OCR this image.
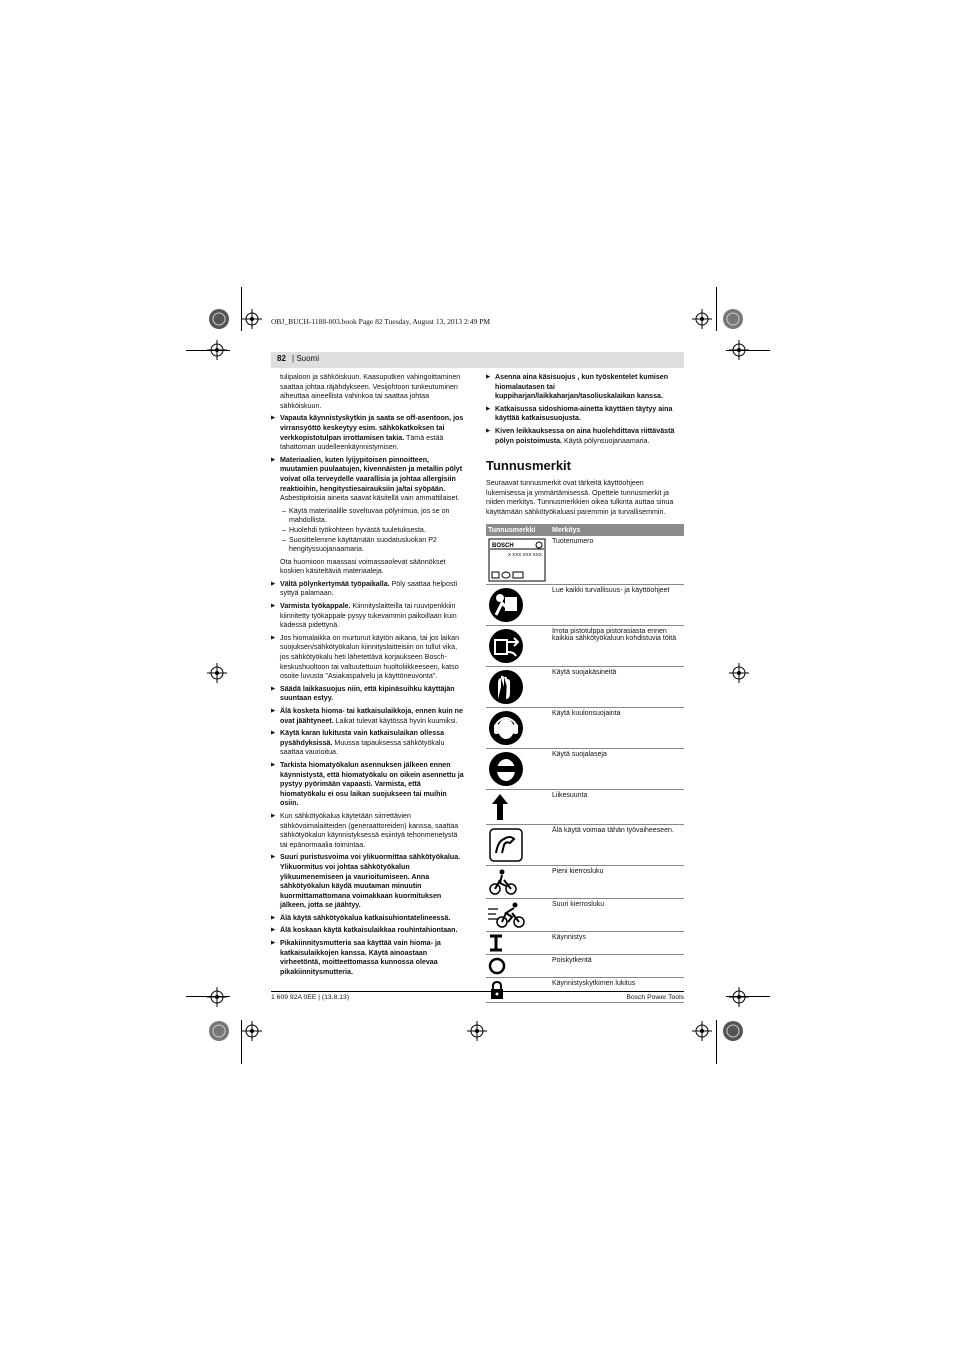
OBJ_BUCH-1188-003.book Page 82 Tuesday, August 13, 2013 2:49 PM
82 | Suomi

tulipaloon ja sähköiskuun. Kaasuputken vahingoittaminen saattaa johtaa räjähdykseen. Vesijohtoon tunkeutuminen aiheuttaa aineellista vahinkoa tai saattaa johtaa sähköiskuun.

▶ Vapauta käynnistyskytkin ja saata se off-asentoon, jos virransyöttö keskeytyy esim. sähkökatkoksen tai verkkopistotulpan irrottamisen takia. Tämä estää tahattoman uudelleenkäynnistymisen.

▶ Materiaalien, kuten lyijypitoisen pinnoitteen, muutamien puulaatujen, kivennäisten ja metallin pölyt voivat olla terveydelle vaarallisia ja johtaa allergisiin reaktioihin, hengitystiesairauksiin ja/tai syöpään. Asbestipitoisia aineita saavat käsitellä vain ammattilaiset.

– Käytä materiaalille soveltuvaa pölynimua, jos se on mahdollista.

– Huolehdi työkohteen hyvästä tuuletuksesta.

– Suosittelemme käyttämään suodatusluokan P2 hengityssuojanaamaria.

Ota huomioon maassasi voimassaolevat säännökset koskien käsiteltäviä materiaaleja.

▶ Vältä pölynkertymää työpaikalla. Pöly saattaa helposti syttyä palamaan.

▶ Varmista työkappale. Kiinnityslaitteilla tai ruuvipenkkiin kiinnitetty työkappale pysyy tukevammin paikoillaan kuin kädessä pidettynä.

▶ Jos hiomalaikka on murtunut käytön aikana, tai jos laikan suojuksen/sähkötyökalun kiinnityslaitteisiin on tullut vika, jos sähkötyökalu heti lähetettävä korjaukseen Bosch-keskushuoltoon tai valtuutettuun huoltoliikkeeseen, katso osoite luvusta "Asiakaspalvelu ja käyttöneuvonta".

▶ Säädä laikkasuojus niin, että kipinäsuihku käyttäjän suuntaan estyy.

▶ Älä kosketa hioma- tai katkaisulaikkoja, ennen kuin ne ovat jäähtyneet. Laikat tulevat käytössä hyvin kuumiksi.

▶ Käytä karan lukitusta vain katkaisulaikan ollessa pysähdyksissä. Muussa tapauksessa sähkötyökalu saattaa vaurioitua.

▶ Tarkista hiomatyökalun asennuksen jälkeen ennen käynnistystä, että hiomatyökalu on oikein asennettu ja pystyy pyörimään vapaasti. Varmista, että hiomatyökalu ei osu laikan suojukseen tai muihin osiin.

▶ Kun sähkötyökalua käytetään siirrettävien sähkövoimalaitteiden (generaattoreiden) kanssa, saattaa sähkötyökalun käynnistyksessä esiintyä tehonmenetystä tai epänormaalia toimintaa.

▶ Suuri puristusvoima voi ylikuormittaa sähkötyökalua. Ylikuormitus voi johtaa sähkötyökalun ylikuumenemiseen ja vaurioitumiseen. Anna sähkötyökalun käydä muutaman minuutin kuormittamattomana voimakkaan kuormituksen jälkeen, jotta se jäähtyy.

▶ Älä käytä sähkötyökalua katkaisuhiontatelineessä.

▶ Älä koskaan käytä katkaisulaikkaa rouhintahiontaan.

▶ Pikakiinnitysmutteria saa käyttää vain hioma- ja katkaisulaikkojen kanssa. Käytä ainoastaan virheetöntä, moitteettomassa kunnossa olevaa pikakiinnitysmutteria.

▶ Asenna aina käsisuojus , kun työskentelet kumisen hiomalautasen tai kuppiharjan/laikkaharjan/tasoliuskalaikan kanssa.

▶ Katkaisussa sidoshioma-ainetta käyttäen täytyy aina käyttää katkaisusuojusta.

▶ Kiven leikkauksessa on aina huolehdittava riittävästä pölyn poistoimusta. Käytä pölynsuojanaamaria.

Tunnusmerkit
Seuraavat tunnusmerkit ovat tärkeitä käyttöohjeen lukemisessa ja ymmärtämisessä. Opettele tunnusmerkit ja niiden merkitys. Tunnusmerkkien oikea tulkinta auttaa sinua käyttämään sähkötyökaluasi paremmin ja turvallisemmin.
Tunnusmerkki	Merkitys

BOSCH
X XXX XXX XXX	Tuotenumero

	Lue kaikki turvallisuus- ja käyttöohjeet

	Irrota pistotulppa pistorasiasta ennen kaikkia sähkötyökaluun kohdistuvia töitä

	Käytä suojakäsineitä

	Käytä kuulonsuojainta

	Käytä suojalaseja

	Liikesuunta

	Älä käytä voimaa tähän työvaiheeseen.

	Pieni kierrosluku

	Suuri kierrosluku

	Käynnistys

	Poiskytkentä

	Käynnistyskytkimen lukitus
1 609 92A 0EE | (13.8.13)	Bosch Power Tools
